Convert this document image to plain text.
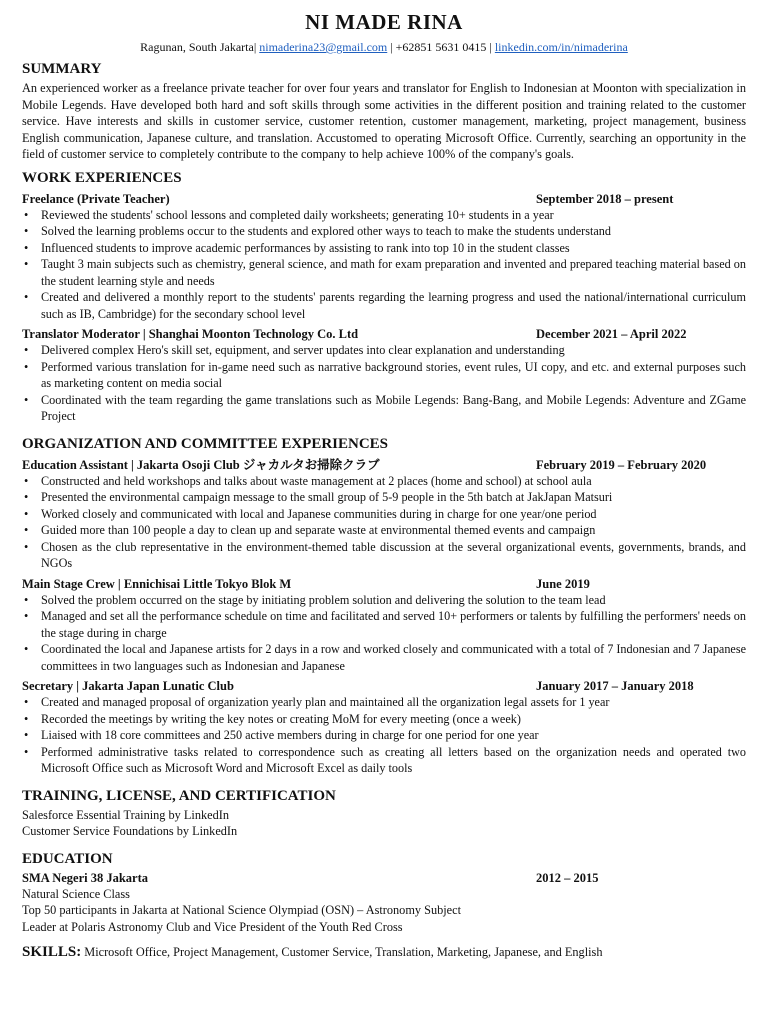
NI MADE RINA
Ragunan, South Jakarta| nimaderina23@gmail.com | +62851 5631 0415 | linkedin.com/in/nimaderina
SUMMARY
An experienced worker as a freelance private teacher for over four years and translator for English to Indonesian at Moonton with specialization in Mobile Legends. Have developed both hard and soft skills through some activities in the different position and training related to the customer service. Have interests and skills in customer service, customer retention, customer management, marketing, project management, business English communication, Japanese culture, and translation. Accustomed to operating Microsoft Office. Currently, searching an opportunity in the field of customer service to completely contribute to the company to help achieve 100% of the company's goals.
WORK EXPERIENCES
Freelance (Private Teacher)	September 2018 – present
• Reviewed the students' school lessons and completed daily worksheets; generating 10+ students in a year
• Solved the learning problems occur to the students and explored other ways to teach to make the students understand
• Influenced students to improve academic performances by assisting to rank into top 10 in the student classes
• Taught 3 main subjects such as chemistry, general science, and math for exam preparation and invented and prepared teaching material based on the student learning style and needs
• Created and delivered a monthly report to the students' parents regarding the learning progress and used the national/international curriculum such as IB, Cambridge) for the secondary school level
Translator Moderator | Shanghai Moonton Technology Co. Ltd	December 2021 – April 2022
• Delivered complex Hero's skill set, equipment, and server updates into clear explanation and understanding
• Performed various translation for in-game need such as narrative background stories, event rules, UI copy, and etc. and external purposes such as marketing content on media social
• Coordinated with the team regarding the game translations such as Mobile Legends: Bang-Bang, and Mobile Legends: Adventure and ZGame Project
ORGANIZATION AND COMMITTEE EXPERIENCES
Education Assistant | Jakarta Osoji Club ジャカルタお掃除クラブ	February 2019 – February 2020
• Constructed and held workshops and talks about waste management at 2 places (home and school) at school aula
• Presented the environmental campaign message to the small group of 5-9 people in the 5th batch at JakJapan Matsuri
• Worked closely and communicated with local and Japanese communities during in charge for one year/one period
• Guided more than 100 people a day to clean up and separate waste at environmental themed events and campaign
• Chosen as the club representative in the environment-themed table discussion at the several organizational events, governments, brands, and NGOs
Main Stage Crew | Ennichisai Little Tokyo Blok M	June 2019
• Solved the problem occurred on the stage by initiating problem solution and delivering the solution to the team lead
• Managed and set all the performance schedule on time and facilitated and served 10+ performers or talents by fulfilling the performers' needs on the stage during in charge
• Coordinated the local and Japanese artists for 2 days in a row and worked closely and communicated with a total of 7 Indonesian and 7 Japanese committees in two languages such as Indonesian and Japanese
Secretary | Jakarta Japan Lunatic Club	January 2017 – January 2018
• Created and managed proposal of organization yearly plan and maintained all the organization legal assets for 1 year
• Recorded the meetings by writing the key notes or creating MoM for every meeting (once a week)
• Liaised with 18 core committees and 250 active members during in charge for one period for one year
• Performed administrative tasks related to correspondence such as creating all letters based on the organization needs and operated two Microsoft Office such as Microsoft Word and Microsoft Excel as daily tools
TRAINING, LICENSE, AND CERTIFICATION
Salesforce Essential Training by LinkedIn
Customer Service Foundations by LinkedIn
EDUCATION
SMA Negeri 38 Jakarta	2012 – 2015
Natural Science Class
Top 50 participants in Jakarta at National Science Olympiad (OSN) – Astronomy Subject
Leader at Polaris Astronomy Club and Vice President of the Youth Red Cross
SKILLS: Microsoft Office, Project Management, Customer Service, Translation, Marketing, Japanese, and English
